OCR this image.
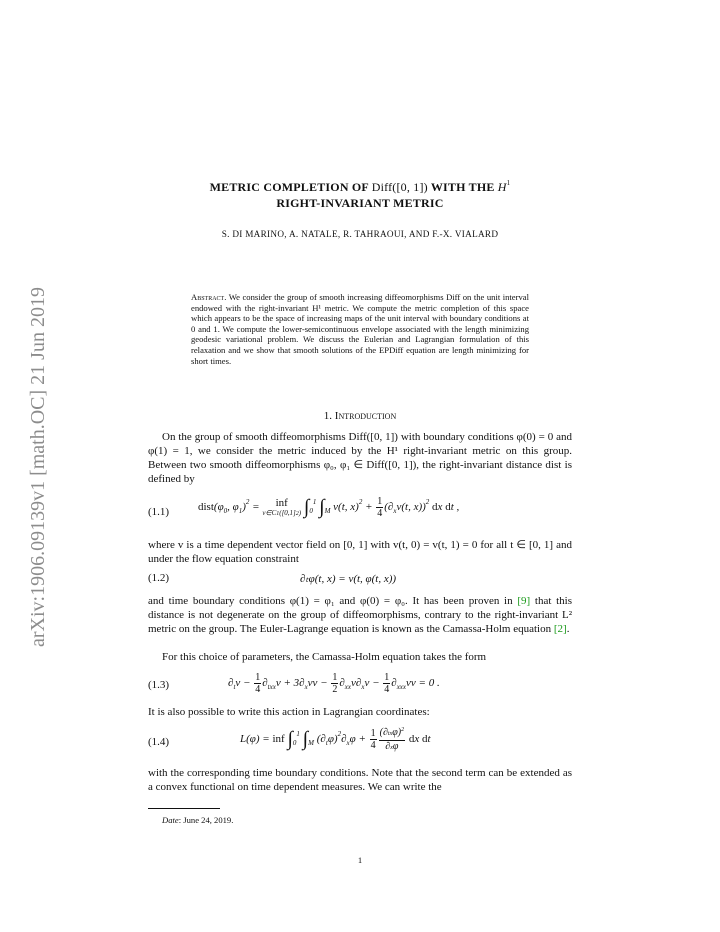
arXiv:1906.09139v1 [math.OC] 21 Jun 2019
METRIC COMPLETION OF Diff([0, 1]) WITH THE $H^1$
RIGHT-INVARIANT METRIC
S. DI MARINO, A. NATALE, R. TAHRAOUI, AND F.-X. VIALARD
Abstract. We consider the group of smooth increasing diffeomorphisms Diff on the unit interval endowed with the right-invariant H¹ metric. We compute the metric completion of this space which appears to be the space of increasing maps of the unit interval with boundary conditions at 0 and 1. We compute the lower-semicontinuous envelope associated with the length minimizing geodesic variational problem. We discuss the Eulerian and Lagrangian formulation of this relaxation and we show that smooth solutions of the EPDiff equation are length minimizing for short times.
1. Introduction
On the group of smooth diffeomorphisms Diff([0, 1]) with boundary conditions φ(0) = 0 and φ(1) = 1, we consider the metric induced by the H¹ right-invariant metric on this group. Between two smooth diffeomorphisms φ₀, φ₁ ∈ Diff([0, 1]), the right-invariant distance dist is defined by
(1.1)	$dist(\varphi_0$, $\varphi_1)^2$ =	inf
v∈C1([0,1]2) $\int_0^1$ $\int_M$ v(t, $x)^2 + \frac{1}{4} (\partial_xv(t$, x))$^2$ dx dt ,
where v is a time dependent vector field on [0, 1] with v(t, 0) = v(t, 1) = 0 for all t ∈ [0, 1] and under the flow equation constraint
(1.2)	∂ₜφ(t, x) = v(t, φ(t, x))
and time boundary conditions φ(1) = φ₁ and φ(0) = φ₀. It has been proven in [9] that this distance is not degenerate on the group of diffeomorphisms, contrary to the right-invariant L² metric on the group. The Euler-Lagrange equation is known as the Camassa-Holm equation [2].
For this choice of parameters, the Camassa-Holm equation takes the form
(1.3)	$\partial_tv - \frac{1}{4} \partial_{txx}v + 3\partial_xvv - \frac{1}{2} \partial_{xx}v\partial_xv - \frac{1}{4} \partial_{xxx}vv = 0$ .
It is also possible to write this action in Lagrangian coordinates:
(1.4)	L(φ) = inf $\int_0^1$ $\int_M$ $(\partial_t\varphi)^2\partial_x\varphi + \frac{1}{4} \frac{(\partial tx\varphi)^2}{\partial x\varphi}$ dx dt
with the corresponding time boundary conditions. Note that the second term can be extended as a convex functional on time dependent measures. We can write the
Date: June 24, 2019.
1
